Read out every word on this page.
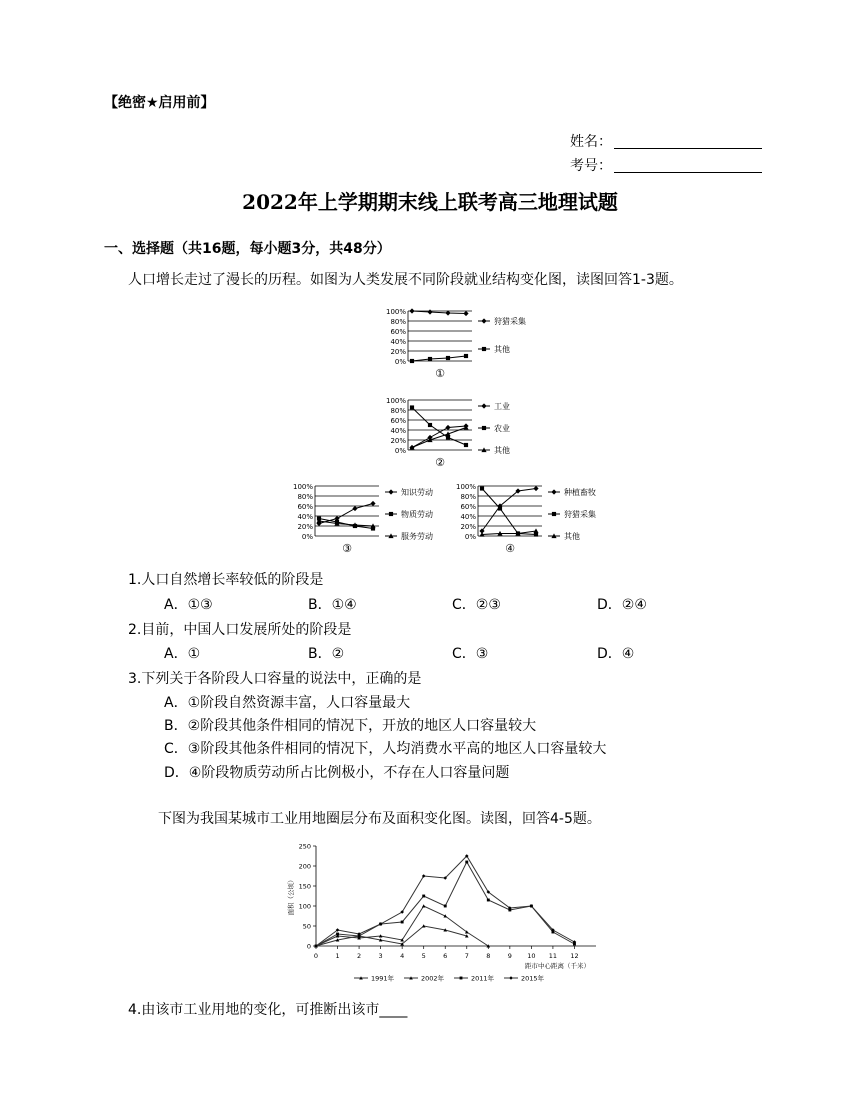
【绝密★启用前】
姓名：
考号：
2022年上学期期末线上联考高三地理试题
一、选择题（共16题，每小题3分，共48分）
人口增长走过了漫长的历程。如图为人类发展不同阶段就业结构变化图，读图回答1-3题。
100%
80%
60%
40%
20%
0%
狩猎采集
其他
①
100%
80%
60%
40%
20%
0%
工业
农业
其他
②
100%
80%
60%
40%
20%
0%
知识劳动
物质劳动
服务劳动
③
100%
80%
60%
40%
20%
0%
种植畜牧
狩猎采集
其他
④
1.人口自然增长率较低的阶段是
A．①③	B．①④	C．②③	D．②④
2.目前，中国人口发展所处的阶段是
A．①	B．②	C．③	D．④
3.下列关于各阶段人口容量的说法中，正确的是
A．①阶段自然资源丰富，人口容量最大
B．②阶段其他条件相同的情况下，开放的地区人口容量较大
C．③阶段其他条件相同的情况下，人均消费水平高的地区人口容量较大
D．④阶段物质劳动所占比例极小，不存在人口容量问题
下图为我国某城市工业用地圈层分布及面积变化图。读图，回答4-5题。
0
50
100
150
200
250
0	1	2	3	4	5	6	7	8	9 10 11 12
面积（公顷）
距市中心距离（千米）
1991年	2002年	2011年	2015年
4.由该市工业用地的变化，可推断出该市____
